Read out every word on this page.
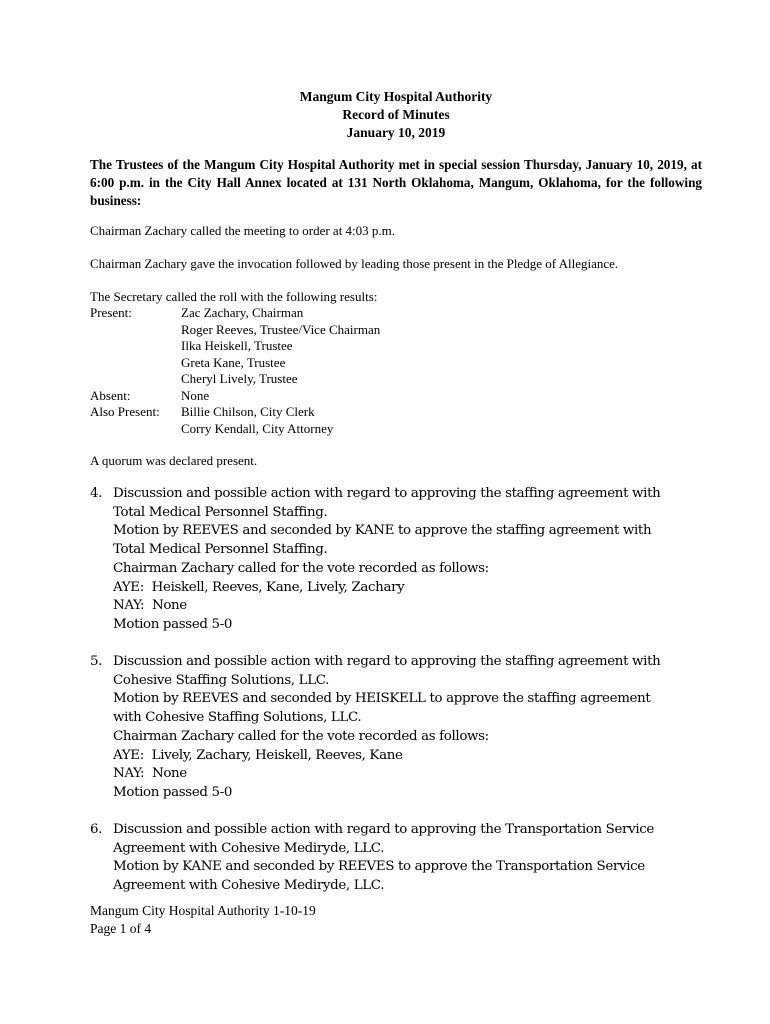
Mangum City Hospital Authority
Record of Minutes
January 10, 2019
The Trustees of the Mangum City Hospital Authority met in special session Thursday, January 10, 2019, at 6:00 p.m. in the City Hall Annex located at 131 North Oklahoma, Mangum, Oklahoma, for the following business:
Chairman Zachary called the meeting to order at 4:03 p.m.
Chairman Zachary gave the invocation followed by leading those present in the Pledge of Allegiance.
The Secretary called the roll with the following results:
Present:	Zac Zachary, Chairman
Roger Reeves, Trustee/Vice Chairman
Ilka Heiskell, Trustee
Greta Kane, Trustee
Cheryl Lively, Trustee
Absent:	None
Also Present: Billie Chilson, City Clerk
Corry Kendall, City Attorney
A quorum was declared present.
4. Discussion and possible action with regard to approving the staffing agreement with
Total Medical Personnel Staffing.
Motion by REEVES and seconded by KANE to approve the staffing agreement with
Total Medical Personnel Staffing.
Chairman Zachary called for the vote recorded as follows:
AYE:  Heiskell, Reeves, Kane, Lively, Zachary
NAY:  None
Motion passed 5-0
5. Discussion and possible action with regard to approving the staffing agreement with
Cohesive Staffing Solutions, LLC.
Motion by REEVES and seconded by HEISKELL to approve the staffing agreement
with Cohesive Staffing Solutions, LLC.
Chairman Zachary called for the vote recorded as follows:
AYE:  Lively, Zachary, Heiskell, Reeves, Kane
NAY:  None
Motion passed 5-0
6. Discussion and possible action with regard to approving the Transportation Service
Agreement with Cohesive Mediryde, LLC.
Motion by KANE and seconded by REEVES to approve the Transportation Service
Agreement with Cohesive Mediryde, LLC.
Mangum City Hospital Authority 1-10-19
Page 1 of 4
